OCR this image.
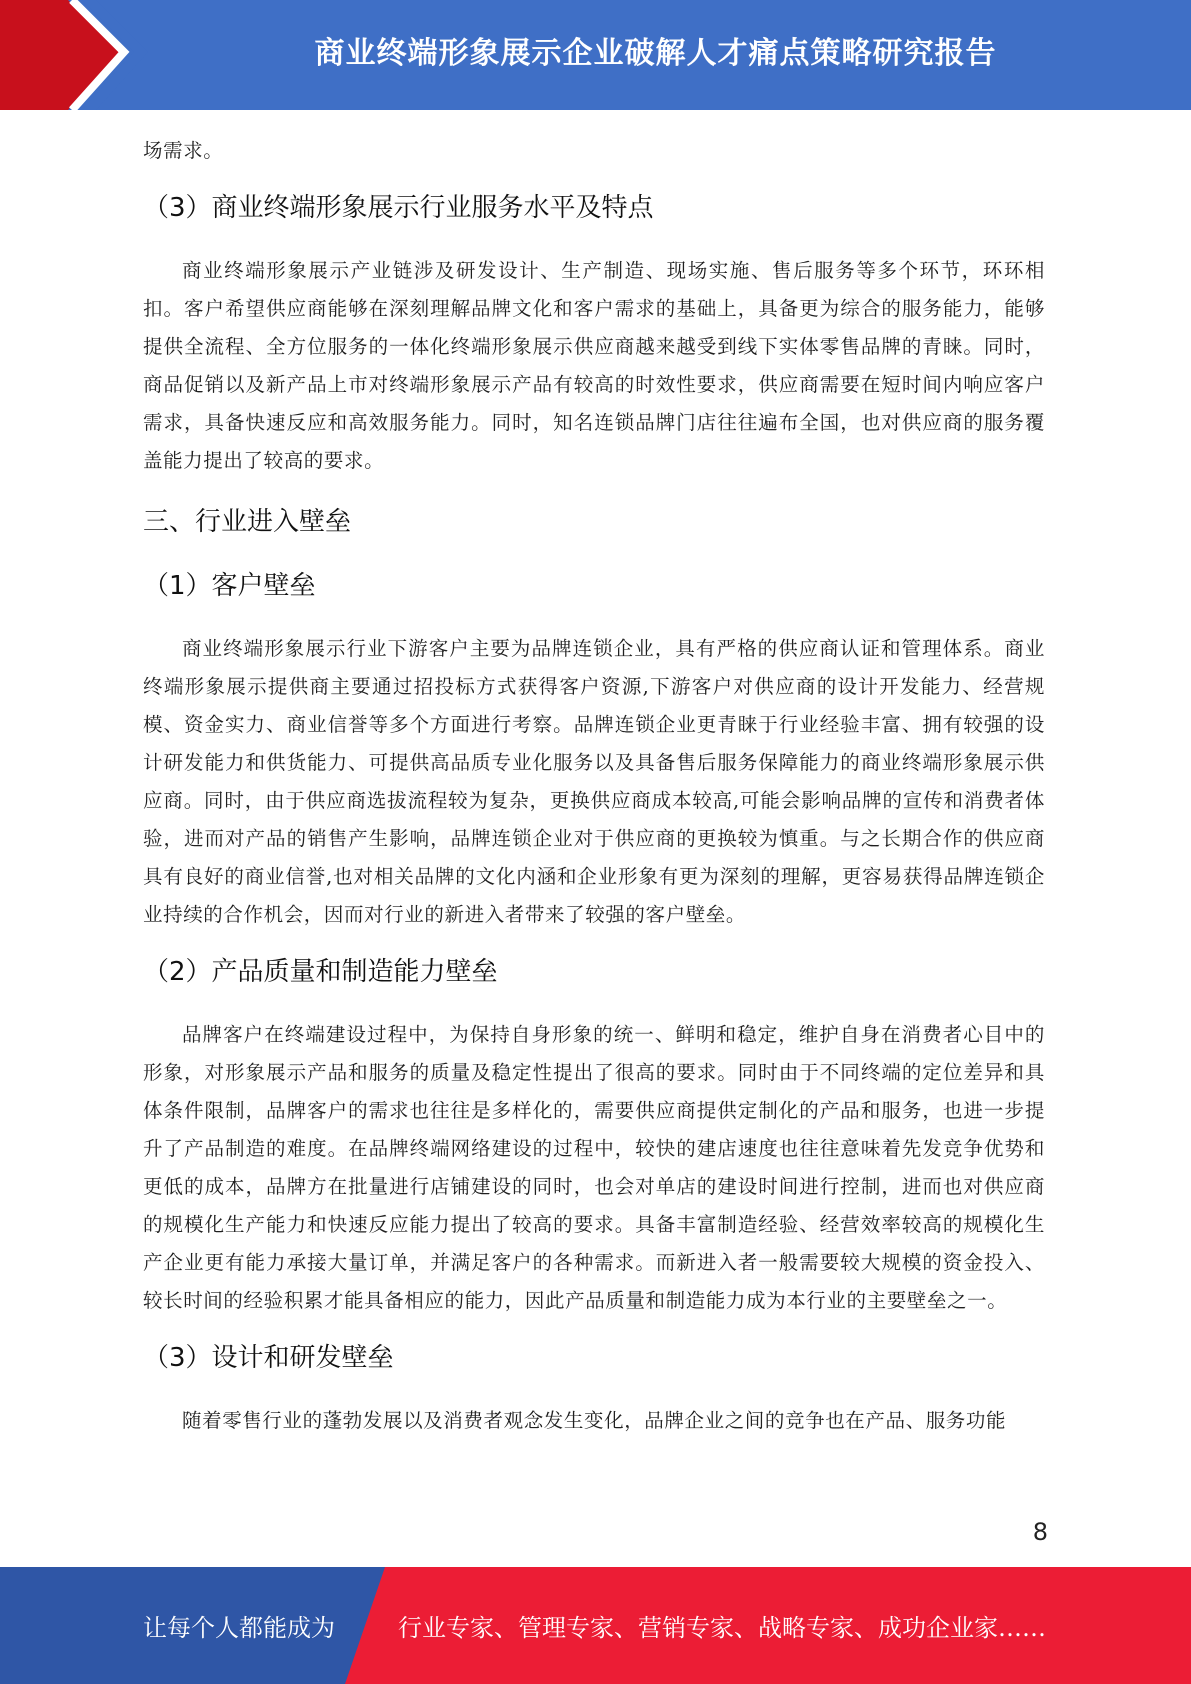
商业终端形象展示企业破解人才痛点策略研究报告

场需求。

（3）商业终端形象展示行业服务水平及特点

商业终端形象展示产业链涉及研发设计、生产制造、现场实施、售后服务等多个环节，环环相扣。客户希望供应商能够在深刻理解品牌文化和客户需求的基础上，具备更为综合的服务能力，能够提供全流程、全方位服务的一体化终端形象展示供应商越来越受到线下实体零售品牌的青睐。同时，商品促销以及新产品上市对终端形象展示产品有较高的时效性要求，供应商需要在短时间内响应客户需求，具备快速反应和高效服务能力。同时，知名连锁品牌门店往往遍布全国，也对供应商的服务覆盖能力提出了较高的要求。

三、行业进入壁垒
（1）客户壁垒

商业终端形象展示行业下游客户主要为品牌连锁企业，具有严格的供应商认证和管理体系。商业终端形象展示提供商主要通过招投标方式获得客户资源,下游客户对供应商的设计开发能力、经营规模、资金实力、商业信誉等多个方面进行考察。品牌连锁企业更青睐于行业经验丰富、拥有较强的设计研发能力和供货能力、可提供高品质专业化服务以及具备售后服务保障能力的商业终端形象展示供应商。同时，由于供应商选拔流程较为复杂，更换供应商成本较高,可能会影响品牌的宣传和消费者体验，进而对产品的销售产生影响，品牌连锁企业对于供应商的更换较为慎重。与之长期合作的供应商具有良好的商业信誉,也对相关品牌的文化内涵和企业形象有更为深刻的理解，更容易获得品牌连锁企业持续的合作机会，因而对行业的新进入者带来了较强的客户壁垒。

（2）产品质量和制造能力壁垒

品牌客户在终端建设过程中，为保持自身形象的统一、鲜明和稳定，维护自身在消费者心目中的形象，对形象展示产品和服务的质量及稳定性提出了很高的要求。同时由于不同终端的定位差异和具体条件限制，品牌客户的需求也往往是多样化的，需要供应商提供定制化的产品和服务，也进一步提升了产品制造的难度。在品牌终端网络建设的过程中，较快的建店速度也往往意味着先发竞争优势和更低的成本，品牌方在批量进行店铺建设的同时，也会对单店的建设时间进行控制，进而也对供应商的规模化生产能力和快速反应能力提出了较高的要求。具备丰富制造经验、经营效率较高的规模化生产企业更有能力承接大量订单，并满足客户的各种需求。而新进入者一般需要较大规模的资金投入、较长时间的经验积累才能具备相应的能力，因此产品质量和制造能力成为本行业的主要壁垒之一。

（3）设计和研发壁垒

随着零售行业的蓬勃发展以及消费者观念发生变化，品牌企业之间的竞争也在产品、服务功能

8
让每个人都能成为	行业专家、管理专家、营销专家、战略专家、成功企业家……
